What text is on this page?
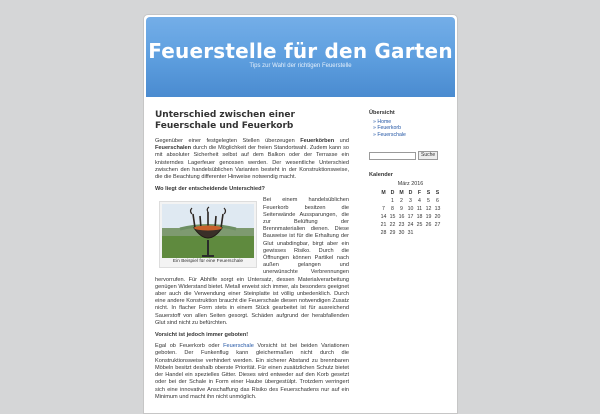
Feuerstelle für den Garten
Tips zur Wahl der richtigen Feuerstelle
Unterschied zwischen einer Feuerschale und Feuerkorb

Gegenüber einer festgelegten Stellen überzeugen Feuerkörben und Feuerschalen durch die Möglichkeit der freien Standortwahl. Zudem kann so mit absoluter Sicherheit selbst auf dem Balkon oder der Terrasse ein knisterndes Lagerfeuer genossen werden. Der wesentliche Unterschied zwischen den handelsüblichen Varianten besteht in der Konstruktionsweise, die die Beachtung differenter Hinweise notwendig macht.

Wo liegt der entscheidende Unterschied?

Ein Beispiel für eine Feuerschale

Bei einem handelsüblichen Feuerkorb besitzen die Seitenwände Aussparungen, die zur Belüftung der Brennmaterialien dienen. Diese Bauweise ist für die Erhaltung der Glut unabdingbar, birgt aber ein gewisses Risiko. Durch die Öffnungen können Partikel nach außen gelangen und unerwünschte Verbrennungen hervorrufen. Für Abhilfe sorgt ein Untersatz, dessen Materialverarbeitung genügen Widerstand bietet. Metall erweist sich immer, als besonders geeignet aber auch die Verwendung einer Steinplatte ist völlig unbedenklich. Durch eine andere Konstruktion braucht die Feuerschale diesen notwendigen Zusatz nicht. In flacher Form stets in einem Stück gearbeitet ist für ausreichend Sauerstoff von allen Seiten gesorgt. Schäden aufgrund der herabfallenden Glut sind nicht zu befürchten.

Vorsicht ist jedoch immer geboten!

Egal ob Feuerkorb oder Feuerschale Vorsicht ist bei beiden Variationen geboten. Der Funkenflug kann gleichermaßen nicht durch die Konstruktionsweise verhindert werden. Ein sicherer Abstand zu brennbaren Möbeln besitzt deshalb oberste Priorität. Für einen zusätzlichen Schutz bietet der Handel ein spezielles Gitter. Dieses wird entweder auf den Korb gesetzt oder bei der Schale in Form einer Haube übergestülpt. Trotzdem verringert sich eine innovative Anschaffung das Risiko des Feuerschadens nur auf ein Minimum und macht ihn nicht unmöglich.

Übersicht
» Home
» Feuerkorb
» Feuerschale
Suche
Kalender
März 2016
M	D	M	D	F	S	S
	1	2	3	4	5	6
7	8	9	10	11	12	13
14	15	16	17	18	19	20
21	22	23	24	25	26	27
28	29	30	31			
